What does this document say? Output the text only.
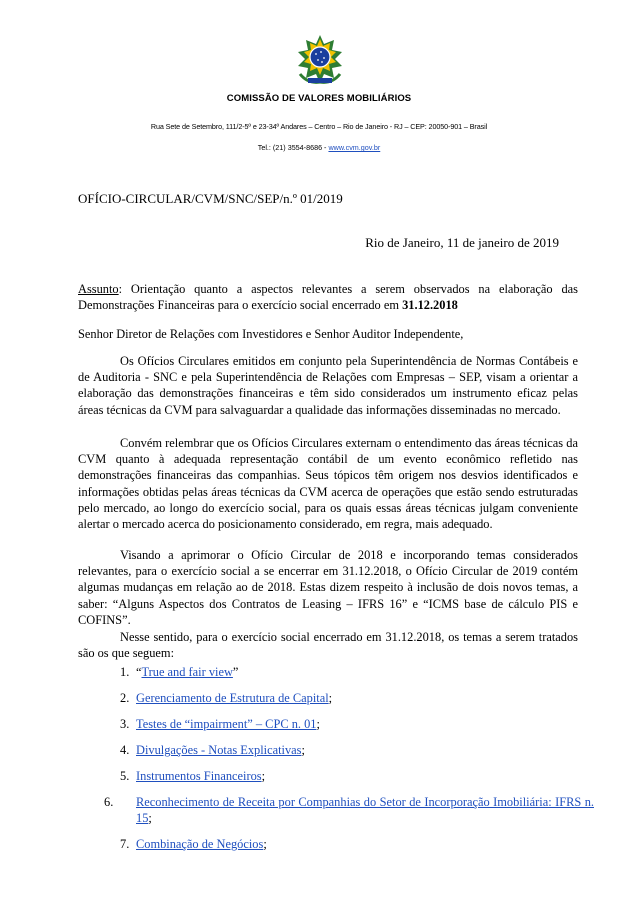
COMISSÃO DE VALORES MOBILIÁRIOS
Rua Sete de Setembro, 111/2-5º e 23-34º Andares – Centro – Rio de Janeiro - RJ – CEP: 20050-901 – Brasil
Tel.: (21) 3554-8686 - www.cvm.gov.br
OFÍCIO-CIRCULAR/CVM/SNC/SEP/n.º 01/2019
Rio de Janeiro, 11 de janeiro de 2019
Assunto: Orientação quanto a aspectos relevantes a serem observados na elaboração das Demonstrações Financeiras para o exercício social encerrado em 31.12.2018
Senhor Diretor de Relações com Investidores e Senhor Auditor Independente,

Os Ofícios Circulares emitidos em conjunto pela Superintendência de Normas Contábeis e de Auditoria - SNC e pela Superintendência de Relações com Empresas – SEP, visam a orientar a elaboração das demonstrações financeiras e têm sido considerados um instrumento eficaz pelas áreas técnicas da CVM para salvaguardar a qualidade das informações disseminadas no mercado.

Convém relembrar que os Ofícios Circulares externam o entendimento das áreas técnicas da CVM quanto à adequada representação contábil de um evento econômico refletido nas demonstrações financeiras das companhias. Seus tópicos têm origem nos desvios identificados e informações obtidas pelas áreas técnicas da CVM acerca de operações que estão sendo estruturadas pelo mercado, ao longo do exercício social, para os quais essas áreas técnicas julgam conveniente alertar o mercado acerca do posicionamento considerado, em regra, mais adequado.

Visando a aprimorar o Ofício Circular de 2018 e incorporando temas considerados relevantes, para o exercício social a se encerrar em 31.12.2018, o Ofício Circular de 2019 contém algumas mudanças em relação ao de 2018. Estas dizem respeito à inclusão de dois novos temas, a saber: “Alguns Aspectos dos Contratos de Leasing – IFRS 16” e “ICMS base de cálculo PIS e COFINS”.

Nesse sentido, para o exercício social encerrado em 31.12.2018, os temas a serem tratados são os que seguem:

1. “True and fair view”
2. Gerenciamento de Estrutura de Capital;
3. Testes de “impairment” – CPC n. 01;
4. Divulgações - Notas Explicativas;
5. Instrumentos Financeiros;
6. Reconhecimento de Receita por Companhias do Setor de Incorporação Imobiliária: IFRS n. 15;
7. Combinação de Negócios;
